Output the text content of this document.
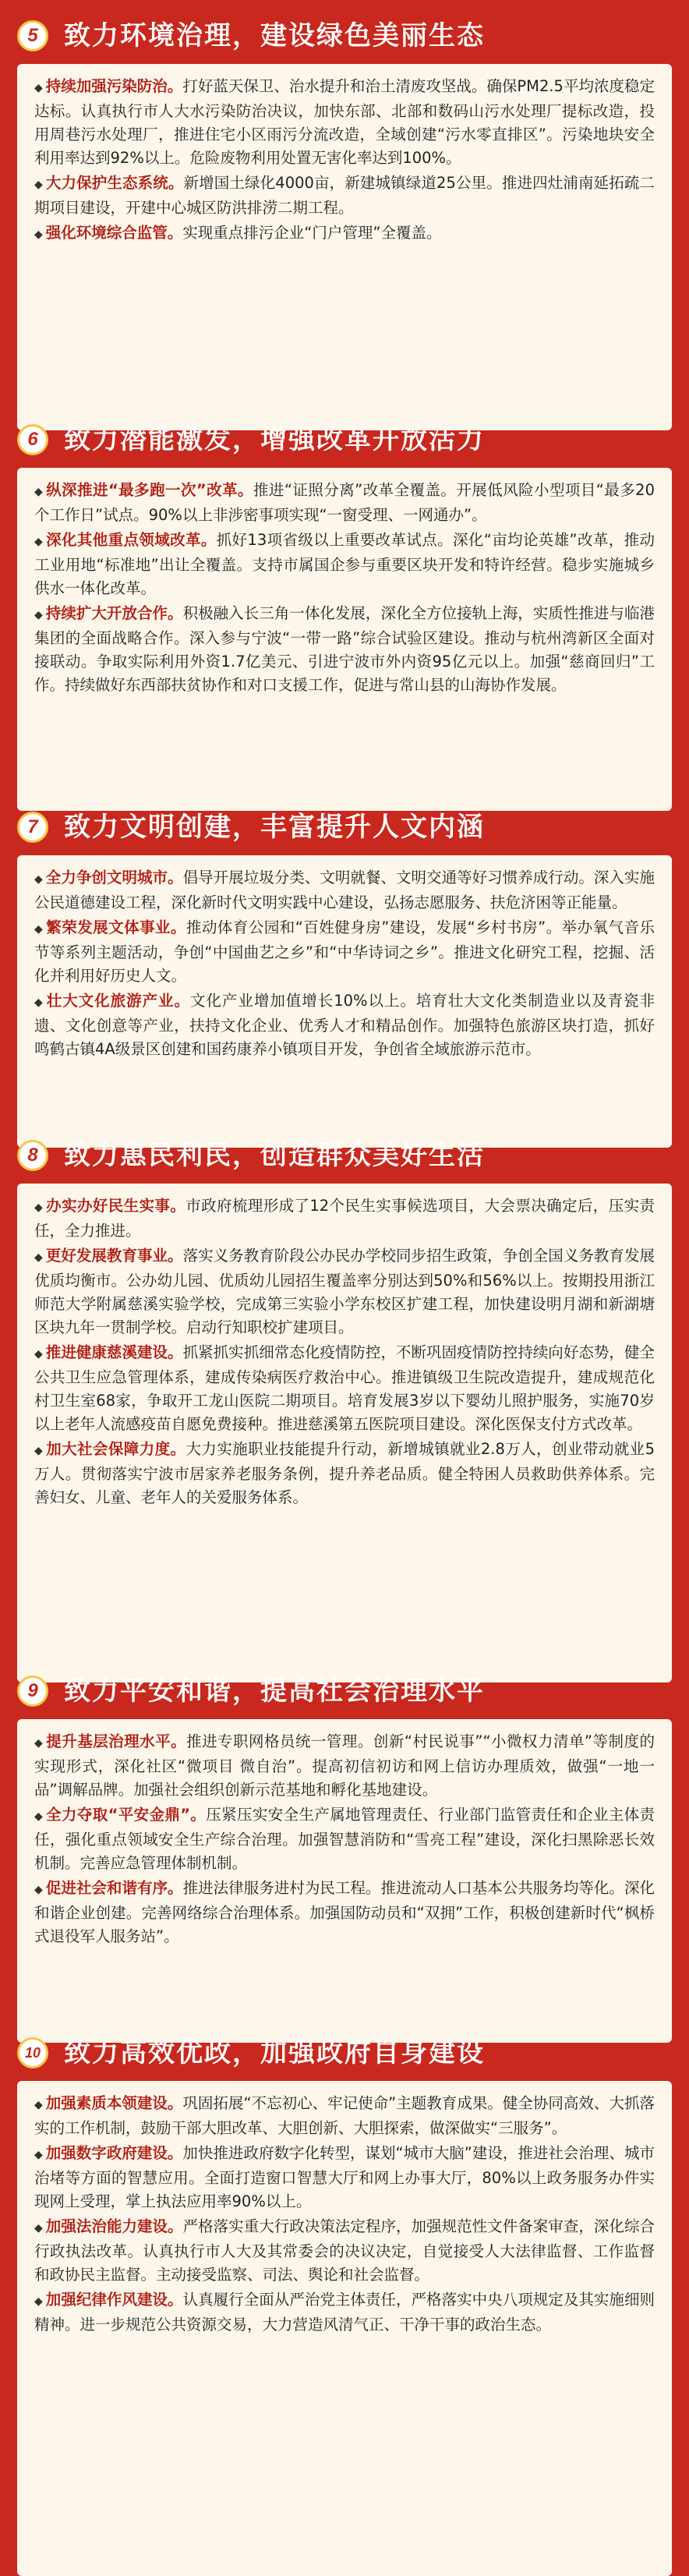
5 致力环境治理，建设绿色美丽生态
◆ 持续加强污染防治。打好蓝天保卫、治水提升和治土清废攻坚战。确保PM2.5平均浓度稳定达标。认真执行市人大水污染防治决议，加快东部、北部和数码山污水处理厂提标改造，投用周巷污水处理厂，推进住宅小区雨污分流改造，全域创建“污水零直排区”。污染地块安全利用率达到92%以上。危险废物利用处置无害化率达到100%。
◆ 大力保护生态系统。新增国土绿化4000亩，新建城镇绿道25公里。推进四灶浦南延拓疏二期项目建设，开建中心城区防洪排涝二期工程。
◆ 强化环境综合监管。实现重点排污企业“门户管理”全覆盖。
6 致力潜能激发，增强改革开放活力
◆ 纵深推进“最多跑一次”改革。推进“证照分离”改革全覆盖。开展低风险小型项目“最多20个工作日”试点。90%以上非涉密事项实现“一窗受理、一网通办”。
◆ 深化其他重点领域改革。抓好13项省级以上重要改革试点。深化“亩均论英雄”改革，推动工业用地“标准地”出让全覆盖。支持市属国企参与重要区块开发和特许经营。稳步实施城乡供水一体化改革。
◆ 持续扩大开放合作。积极融入长三角一体化发展，深化全方位接轨上海，实质性推进与临港集团的全面战略合作。深入参与宁波“一带一路”综合试验区建设。推动与杭州湾新区全面对接联动。争取实际利用外资1.7亿美元、引进宁波市外内资95亿元以上。加强“慈商回归”工作。持续做好东西部扶贫协作和对口支援工作，促进与常山县的山海协作发展。
7 致力文明创建，丰富提升人文内涵
◆ 全力争创文明城市。倡导开展垃圾分类、文明就餐、文明交通等好习惯养成行动。深入实施公民道德建设工程，深化新时代文明实践中心建设，弘扬志愿服务、扶危济困等正能量。
◆ 繁荣发展文体事业。推动体育公园和“百姓健身房”建设，发展“乡村书房”。举办氧气音乐节等系列主题活动，争创“中国曲艺之乡”和“中华诗词之乡”。推进文化研究工程，挖掘、活化并利用好历史人文。
◆ 壮大文化旅游产业。文化产业增加值增长10%以上。培育壮大文化类制造业以及青瓷非遗、文化创意等产业，扶持文化企业、优秀人才和精品创作。加强特色旅游区块打造，抓好鸣鹤古镇4A级景区创建和国药康养小镇项目开发，争创省全域旅游示范市。
8 致力惠民利民，创造群众美好生活
◆ 办实办好民生实事。市政府梳理形成了12个民生实事候选项目，大会票决确定后，压实责任，全力推进。
◆ 更好发展教育事业。落实义务教育阶段公办民办学校同步招生政策，争创全国义务教育发展优质均衡市。公办幼儿园、优质幼儿园招生覆盖率分别达到50%和56%以上。按期投用浙江师范大学附属慈溪实验学校，完成第三实验小学东校区扩建工程，加快建设明月湖和新湖塘区块九年一贯制学校。启动行知职校扩建项目。
◆ 推进健康慈溪建设。抓紧抓实抓细常态化疫情防控，不断巩固疫情防控持续向好态势，健全公共卫生应急管理体系，建成传染病医疗救治中心。推进镇级卫生院改造提升，建成规范化村卫生室68家，争取开工龙山医院二期项目。培育发展3岁以下婴幼儿照护服务，实施70岁以上老年人流感疫苗自愿免费接种。推进慈溪第五医院项目建设。深化医保支付方式改革。
◆ 加大社会保障力度。大力实施职业技能提升行动，新增城镇就业2.8万人，创业带动就业5万人。贯彻落实宁波市居家养老服务条例，提升养老品质。健全特困人员救助供养体系。完善妇女、儿童、老年人的关爱服务体系。
9 致力平安和谐，提高社会治理水平
◆ 提升基层治理水平。推进专职网格员统一管理。创新“村民说事”“小微权力清单”等制度的实现形式，深化社区“微项目 微自治”。提高初信初访和网上信访办理质效，做强“一地一品”调解品牌。加强社会组织创新示范基地和孵化基地建设。
◆ 全力夺取“平安金鼎”。压紧压实安全生产属地管理责任、行业部门监管责任和企业主体责任，强化重点领域安全生产综合治理。加强智慧消防和“雪亮工程”建设，深化扫黑除恶长效机制。完善应急管理体制机制。
◆ 促进社会和谐有序。推进法律服务进村为民工程。推进流动人口基本公共服务均等化。深化和谐企业创建。完善网络综合治理体系。加强国防动员和“双拥”工作，积极创建新时代“枫桥式退役军人服务站”。
10 致力高效优政，加强政府自身建设
◆ 加强素质本领建设。巩固拓展“不忘初心、牢记使命”主题教育成果。健全协同高效、大抓落实的工作机制，鼓励干部大胆改革、大胆创新、大胆探索，做深做实“三服务”。
◆ 加强数字政府建设。加快推进政府数字化转型，谋划“城市大脑”建设，推进社会治理、城市治堵等方面的智慧应用。全面打造窗口智慧大厅和网上办事大厅，80%以上政务服务办件实现网上受理，掌上执法应用率90%以上。
◆ 加强法治能力建设。严格落实重大行政决策法定程序，加强规范性文件备案审查，深化综合行政执法改革。认真执行市人大及其常委会的决议决定，自觉接受人大法律监督、工作监督和政协民主监督。主动接受监察、司法、舆论和社会监督。
◆ 加强纪律作风建设。认真履行全面从严治党主体责任，严格落实中央八项规定及其实施细则精神。进一步规范公共资源交易，大力营造风清气正、干净干事的政治生态。
